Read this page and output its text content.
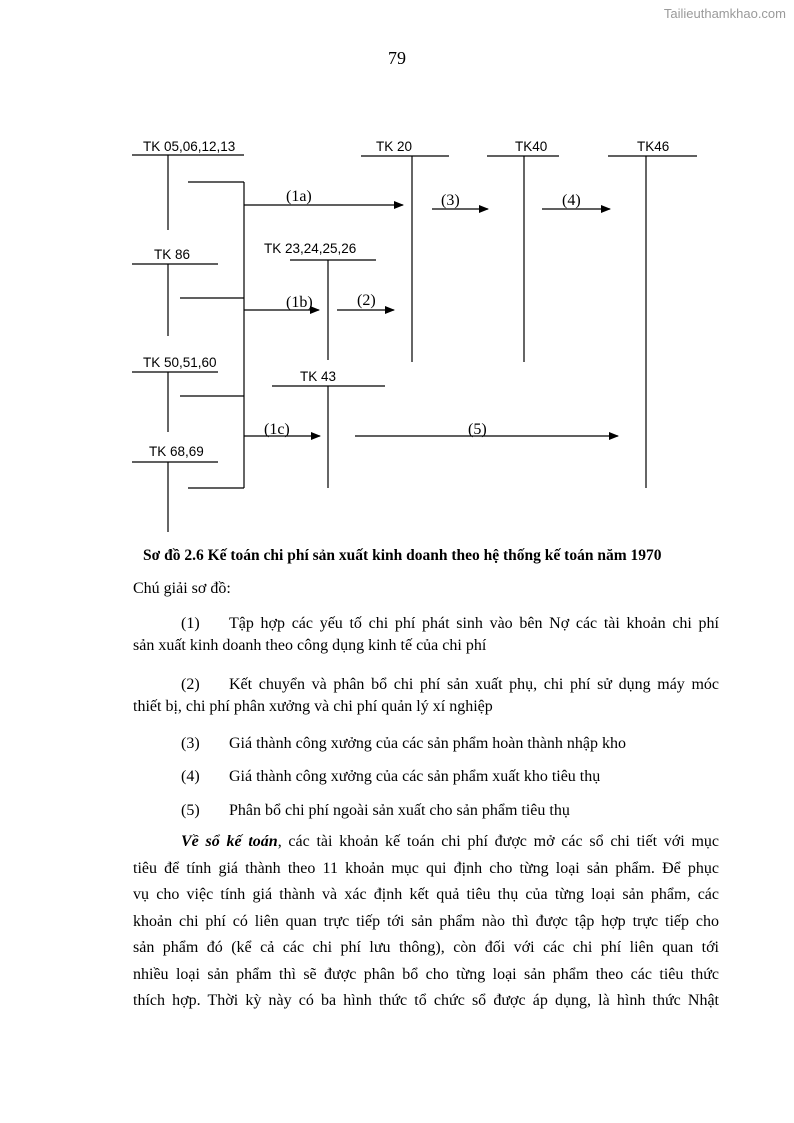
Tailieuthamkhao.com
79
TK 05,06,12,13	TK 20	TK40	TK46
TK 86	TK 23,24,25,26
TK 50,51,60
TK 43
TK 68,69
(1a)	(3)	(4)
(1b)	(2)
(1c)	(5)
Sơ đồ 2.6 Kế toán chi phí sản xuất kinh doanh theo hệ thống kế toán năm 1970
Chú giải sơ đồ:
(1) Tập hợp các yếu tố chi phí phát sinh vào bên Nợ các tài khoản chi phí
sản xuất kinh doanh theo công dụng kinh tế của chi phí
(2) Kết chuyển và phân bổ chi phí sản xuất phụ, chi phí sử dụng máy móc
thiết bị, chi phí phân xưởng và chi phí quản lý xí nghiệp
(3) Giá thành công xưởng của các sản phẩm hoàn thành nhập kho
(4) Giá thành công xưởng của các sản phẩm xuất kho tiêu thụ
(5) Phân bổ chi phí ngoài sản xuất cho sản phẩm tiêu thụ
Về sổ kế toán, các tài khoản kế toán chi phí được mở các sổ chi tiết với mục
tiêu để tính giá thành theo 11 khoản mục qui định cho từng loại sản phẩm. Để phục
vụ cho việc tính giá thành và xác định kết quả tiêu thụ của từng loại sản phẩm, các
khoản chi phí có liên quan trực tiếp tới sản phẩm nào thì được tập hợp trực tiếp cho
sản phẩm đó (kể cả các chi phí lưu thông), còn đối với các chi phí liên quan tới
nhiều loại sản phẩm thì sẽ được phân bổ cho từng loại sản phẩm theo các tiêu thức
thích hợp. Thời kỳ này có ba hình thức tổ chức sổ được áp dụng, là hình thức Nhật
